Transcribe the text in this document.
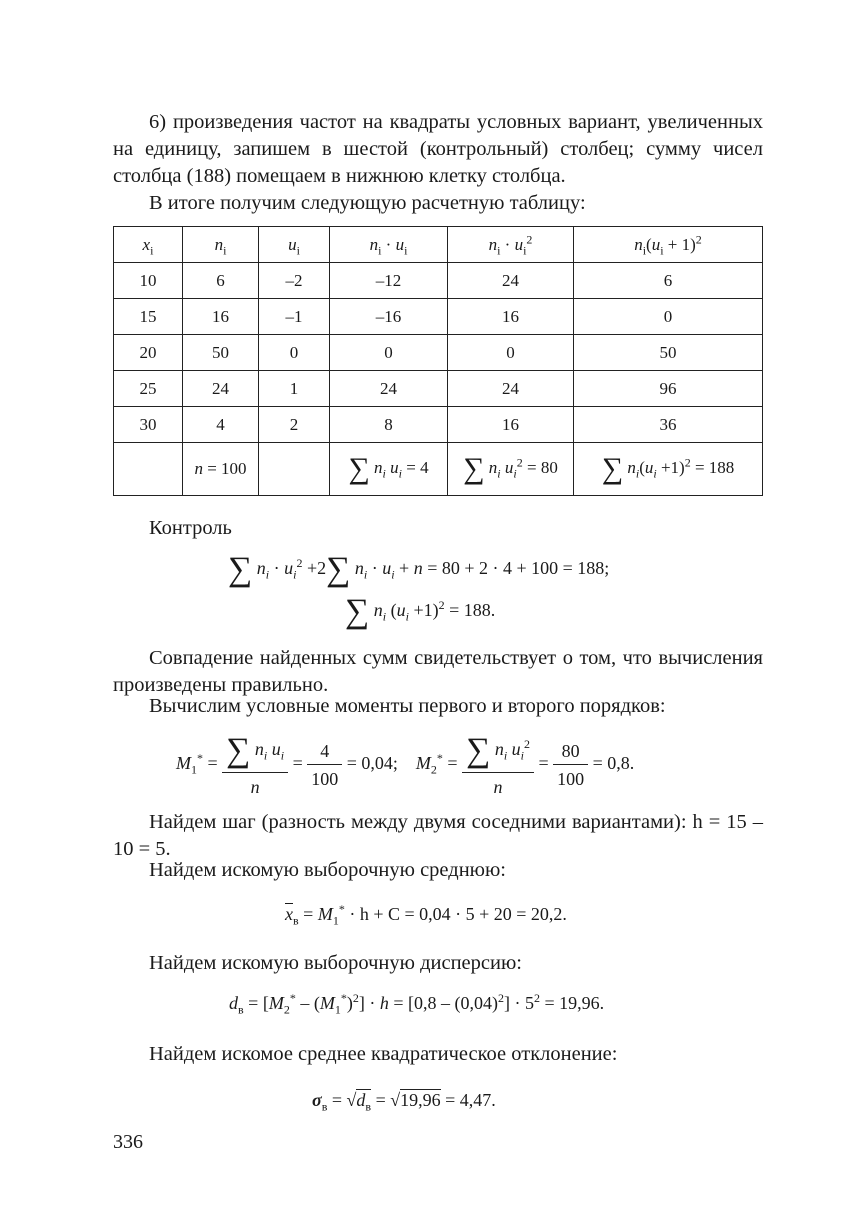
6) произведения частот на квадраты условных вариант, увеличенных на единицу, запишем в шестой (контрольный) столбец; сумму чисел столбца (188) помещаем в нижнюю клетку столбца.

В итоге получим следующую расчетную таблицу:

$x_i$	$n_i$	$u_i$	$n_i \cdot u_i$	$n_i \cdot u_i^2$	$n_i(u_i + 1)^2$
10	6	–2	–12	24	6
15	16	–1	–16	16	0
20	50	0	0	0	50
25	24	1	24	24	96
30	4	2	8	16	36
	n = 100		∑ $n_i$ $u_i = 4$	∑ $n_i$ $u_i^2 = 80$	∑ $n_i(u_i +1)^2 = 188$
Контроль
∑ $n_i \cdot u_i^2 +2\sum$ $n_i \cdot u_i + n = 80 + 2 \cdot 4 + 100 = 188$;
∑ $n_i$ $(u_i +1)^2 = 188$.

Совпадение найденных сумм свидетельствует о том, что вычисления произведены правильно.

Вычислим условные моменты первого и второго порядков:

$M_1^* = \frac{\sum n_i u_i}{n} = \frac{4}{100} = 0,04$; $M_2^* = \frac{\sum n_i u_i^2}{n} = \frac{80}{100} = 0,8$.

Найдем шаг (разность между двумя соседними вариантами): h = 15 – 10 = 5.

Найдем искомую выборочную среднюю:

$\overline{x}_в = M_1^* \cdot h + C = 0,04 \cdot 5 + 20 = 20,2$.

Найдем искомую выборочную дисперсию:

$d_в = [M_2^* - (M_1^*)^2] \cdot h = [0,8 - (0,04)^2] \cdot 5^2 = 19,96$.

Найдем искомое среднее квадратическое отклонение:

$\sigma_в = √d_в = √19,96 = 4,47$.
336
